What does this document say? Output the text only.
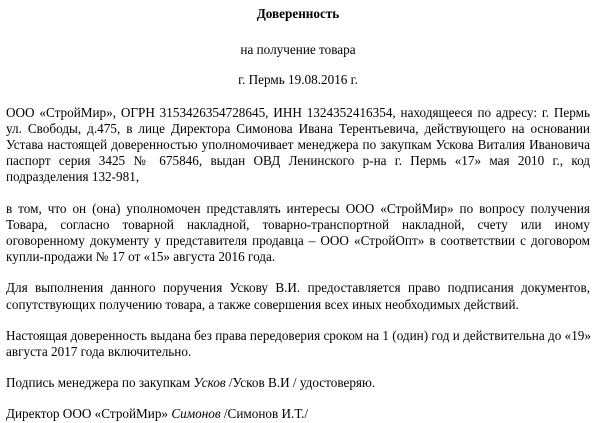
Доверенность
на получение товара
г. Пермь 19.08.2016 г.
ООО «СтройМир», ОГРН 3153426354728645, ИНН 1324352416354, находящееся по адресу: г. Пермь
ул. Свободы, д.475, в лице Директора Симонова Ивана Терентьевича, действующего на основании
Устава настоящей доверенностью уполномочивает менеджера по закупкам Ускова Виталия Ивановича
паспорт серия 3425 № 675846, выдан ОВД Ленинского р-на г. Пермь «17» мая 2010 г., код
подразделения 132-981,
в том, что он (она) уполномочен представлять интересы ООО «СтройМир» по вопросу получения
Товара, согласно товарной накладной, товарно-транспортной накладной, счету или иному
оговоренному документу у представителя продавца – ООО «СтройОпт» в соответствии с договором
купли-продажи № 17 от «15» августа 2016 года.
Для выполнения данного поручения Ускову В.И. предоставляется право подписания документов,
сопутствующих получению товара, а также совершения всех иных необходимых действий.
Настоящая доверенность выдана без права передоверия сроком на 1 (один) год и действительна до «19»
августа 2017 года включительно.
Подпись менеджера по закупкам Усков /Усков В.И / удостоверяю.
Директор ООО «СтройМир» Симонов /Симонов И.Т./
